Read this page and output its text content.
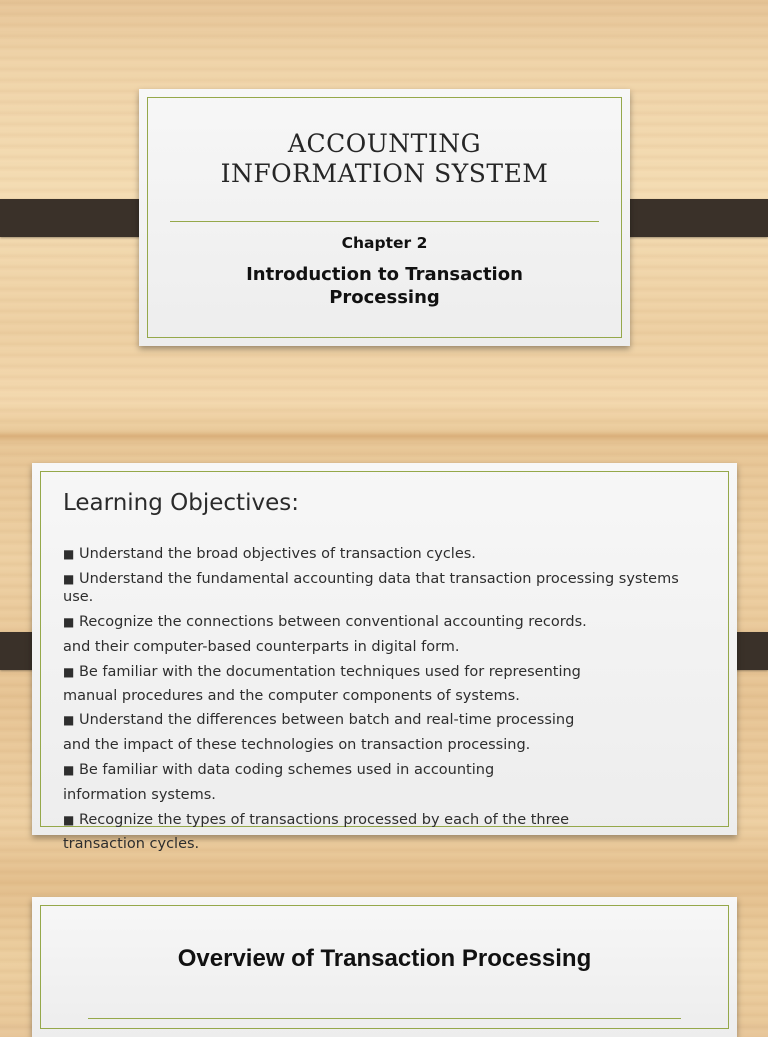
ACCOUNTING
INFORMATION SYSTEM
Chapter 2
Introduction to Transaction
Processing
Learning Objectives:
■ Understand the broad objectives of transaction cycles.
■ Understand the fundamental accounting data that transaction processing systems
use.
■ Recognize the connections between conventional accounting records.
and their computer-based counterparts in digital form.
■ Be familiar with the documentation techniques used for representing
manual procedures and the computer components of systems.
■ Understand the differences between batch and real-time processing
and the impact of these technologies on transaction processing.
■ Be familiar with data coding schemes used in accounting
information systems.
■ Recognize the types of transactions processed by each of the three
transaction cycles.
Overview of Transaction Processing
